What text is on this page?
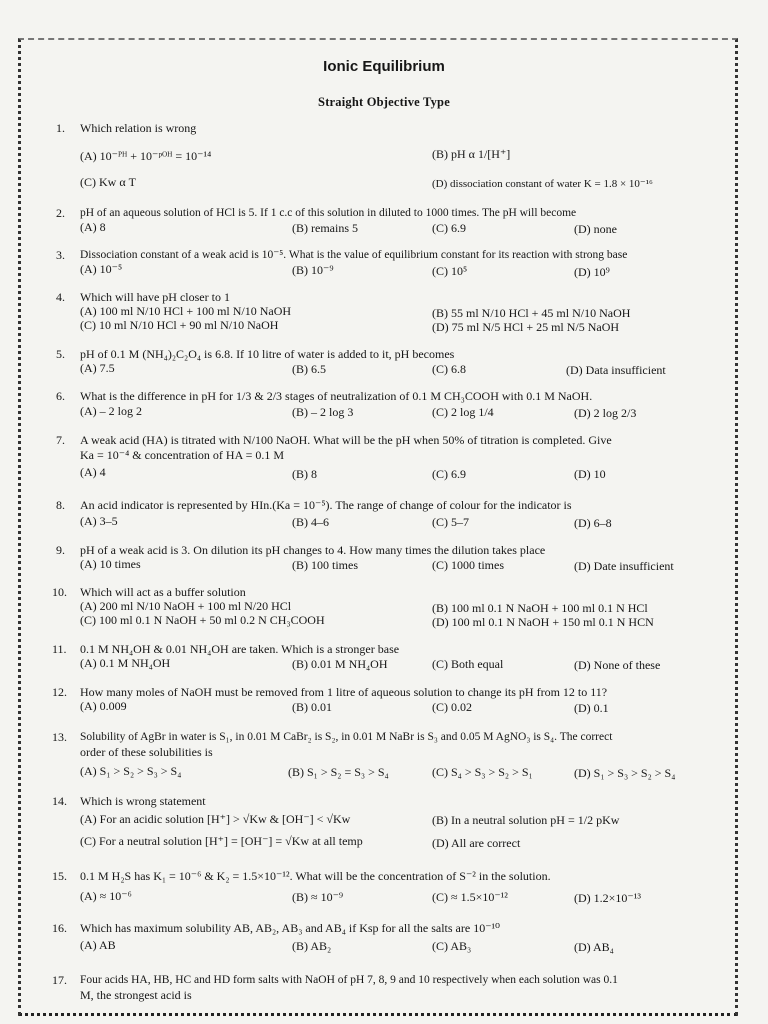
Ionic Equilibrium
Straight Objective Type
1. Which relation is wrong
(A) 10⁻ᴾᴴ + 10⁻ᵖᴼᴴ = 10⁻¹⁴	(B) pH α 1/[H⁺]
(C) Kw α T	(D) dissociation constant of water K = 1.8 × 10⁻¹⁶
2. pH of an aqueous solution of HCl is 5. If 1 c.c of this solution in diluted to 1000 times. The pH will become
(A) 8	(B) remains 5	(C) 6.9	(D) none
3. Dissociation constant of a weak acid is 10⁻⁵. What is the value of equilibrium constant for its reaction with strong base
(A) 10⁻⁵	(B) 10⁻⁹	(C) 10⁵	(D) 10⁹
4. Which will have pH closer to 1
(A) 100 ml N/10 HCl + 100 ml N/10 NaOH	(B) 55 ml N/10 HCl + 45 ml N/10 NaOH
(C) 10 ml N/10 HCl + 90 ml N/10 NaOH	(D) 75 ml N/5 HCl + 25 ml N/5 NaOH
5. pH of 0.1 M (NH₄)₂C₂O₄ is 6.8. If 10 litre of water is added to it, pH becomes
(A) 7.5	(B) 6.5	(C) 6.8	(D) Data insufficient
6. What is the difference in pH for 1/3 & 2/3 stages of neutralization of 0.1 M CH₃COOH with 0.1 M NaOH.
(A) – 2 log 2	(B) – 2 log 3	(C) 2 log 1/4	(D) 2 log 2/3
7. A weak acid (HA) is titrated with N/100 NaOH. What will be the pH when 50% of titration is completed. Give
Ka = 10⁻⁴ & concentration of HA = 0.1 M
(A) 4	(B) 8	(C) 6.9	(D) 10
8. An acid indicator is represented by HIn.(Ka = 10⁻⁵). The range of change of colour for the indicator is
(A) 3–5	(B) 4–6	(C) 5–7	(D) 6–8
9. pH of a weak acid is 3. On dilution its pH changes to 4. How many times the dilution takes place
(A) 10 times	(B) 100 times	(C) 1000 times	(D) Date insufficient
10. Which will act as a buffer solution
(A) 200 ml N/10 NaOH + 100 ml N/20 HCl	(B) 100 ml 0.1 N NaOH + 100 ml 0.1 N HCl
(C) 100 ml 0.1 N NaOH + 50 ml 0.2 N CH₃COOH	(D) 100 ml 0.1 N NaOH + 150 ml 0.1 N HCN
11. 0.1 M NH₄OH & 0.01 NH₄OH are taken. Which is a stronger base
(A) 0.1 M NH₄OH	(B) 0.01 M NH₄OH	(C) Both equal	(D) None of these
12. How many moles of NaOH must be removed from 1 litre of aqueous solution to change its pH from 12 to 11?
(A) 0.009	(B) 0.01	(C) 0.02	(D) 0.1
13. Solubility of AgBr in water is S₁, in 0.01 M CaBr₂ is S₂, in 0.01 M NaBr is S₃ and 0.05 M AgNO₃ is S₄. The correct
order of these solubilities is
(A) S₁ > S₂ > S₃ > S₄	(B) S₁ > S₂ = S₃ > S₄	(C) S₄ > S₃ > S₂ > S₁	(D) S₁ > S₃ > S₂ > S₄
14. Which is wrong statement
(A) For an acidic solution [H⁺] > √Kw & [OH⁻] < √Kw	(B) In a neutral solution pH = 1/2 pKw
(C) For a neutral solution [H⁺] = [OH⁻] = √Kw at all temp	(D) All are correct
15. 0.1 M H₂S has K₁ = 10⁻⁶ & K₂ = 1.5×10⁻¹². What will be the concentration of S⁻² in the solution.
(A) ≈ 10⁻⁶	(B) ≈ 10⁻⁹	(C) ≈ 1.5×10⁻¹²	(D) 1.2×10⁻¹³
16. Which has maximum solubility AB, AB₂, AB₃ and AB₄ if Ksp for all the salts are 10⁻¹⁰
(A) AB	(B) AB₂	(C) AB₃	(D) AB₄
17. Four acids HA, HB, HC and HD form salts with NaOH of pH 7, 8, 9 and 10 respectively when each solution was 0.1
M, the strongest acid is
